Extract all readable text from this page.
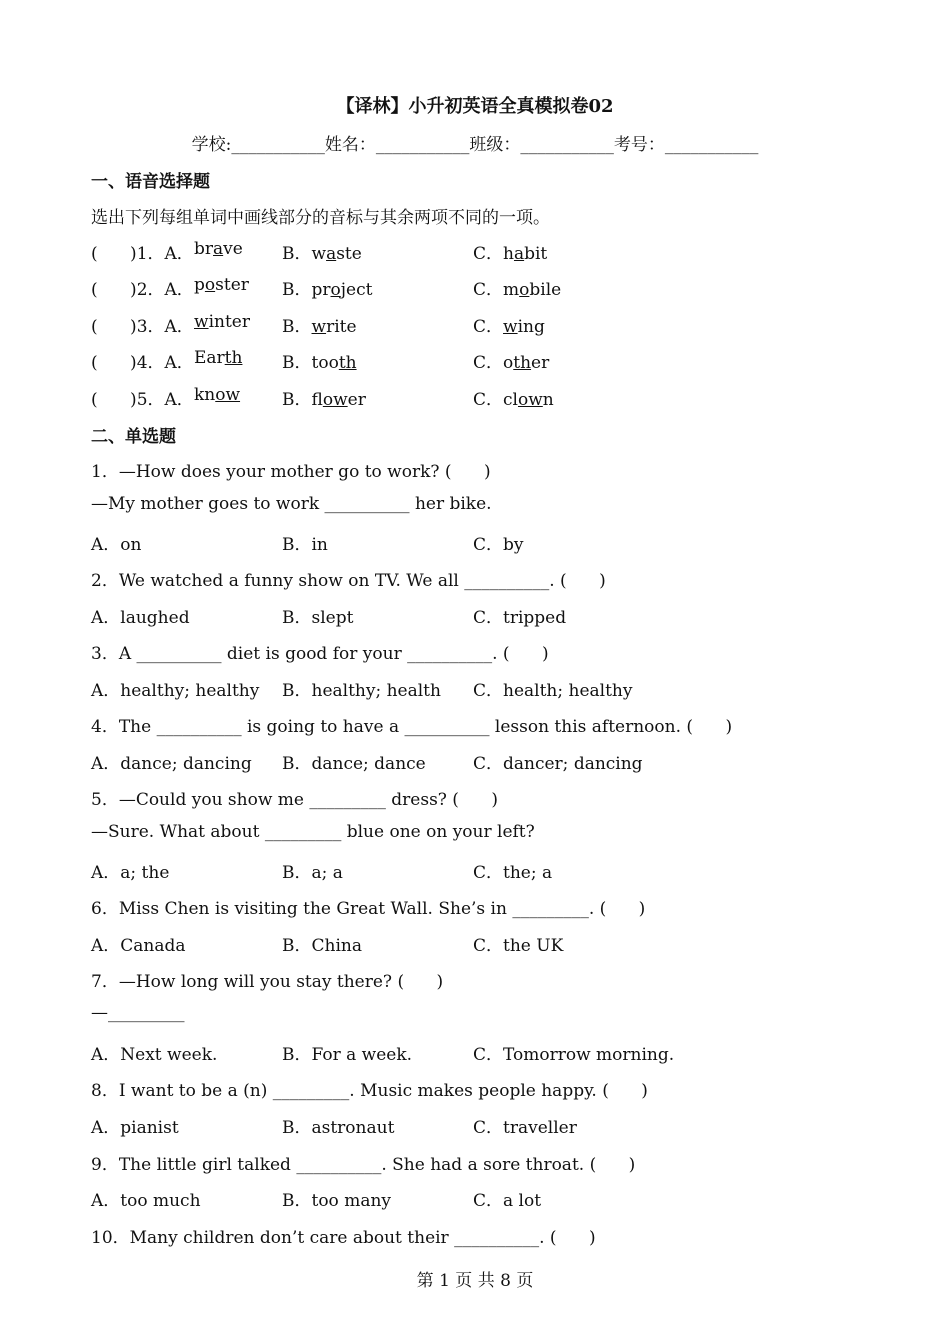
【译林】小升初英语全真模拟卷02
学校:___________姓名：___________班级：___________考号：___________
一、语音选择题
选出下列每组单词中画线部分的音标与其余两项不同的一项。
(      )1．A． brave B．waste	C．habit
(      )2．A． poster B．project	C．mobile
(      )3．A． winter B．write	C．wing
(      )4．A． Earth B．tooth	C．other
(      )5．A． know B．flower	C．clown
二、单选题
1．—How does your mother go to work? (      )
—My mother goes to work __________ her bike.
A．on	B．in	C．by
2．We watched a funny show on TV. We all __________. (      )
A．laughed	B．slept	C．tripped
3．A __________ diet is good for your __________. (      )
A．healthy; healthy B．healthy; health C．health; healthy
4．The __________ is going to have a __________ lesson this afternoon. (      )
A．dance; dancing B．dance; dance	C．dancer; dancing
5．—Could you show me _________ dress? (      )
—Sure. What about _________ blue one on your left?
A．a; the	B．a; a	C．the; a
6．Miss Chen is visiting the Great Wall. She’s in _________. (      )
A．Canada	B．China	C．the UK
7．—How long will you stay there? (      )
—_________
A．Next week.	B．For a week.	C．Tomorrow morning.
8．I want to be a (n) _________. Music makes people happy. (      )
A．pianist	B．astronaut	C．traveller
9．The little girl talked __________. She had a sore throat. (      )
A．too much	B．too many	C．a lot
10．Many children don’t care about their __________. (      )
第 1 页 共 8 页
